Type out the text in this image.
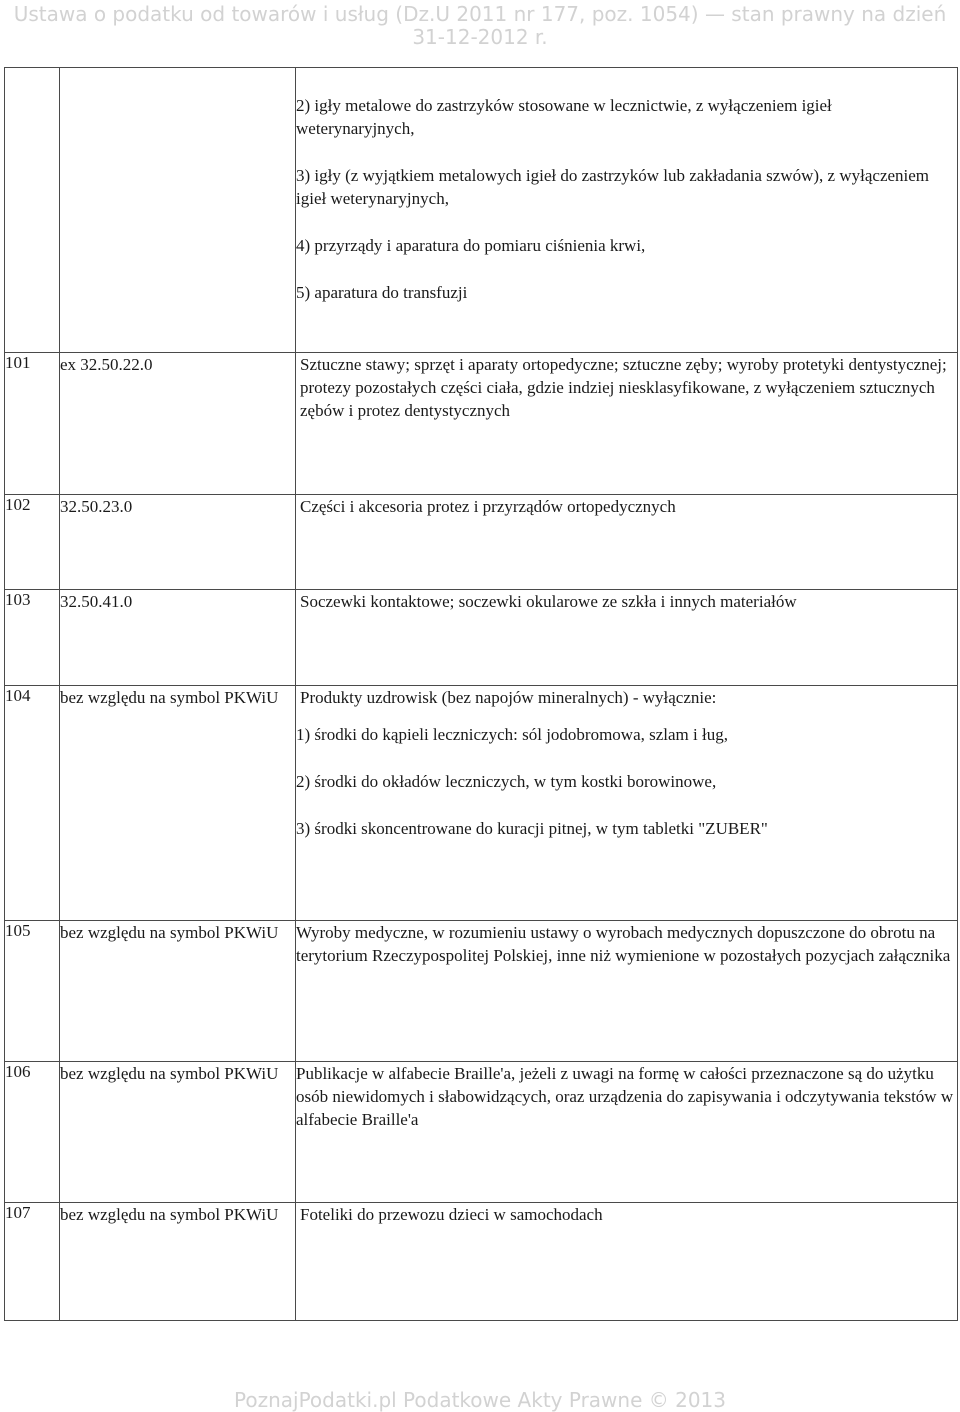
Ustawa o podatku od towarów i usług (Dz.U 2011 nr 177, poz. 1054) — stan prawny na dzień
31-12-2012 r.

		2) igły metalowe do zastrzyków stosowane w lecznictwie, z wyłączeniem igieł weterynaryjnych,

3) igły (z wyjątkiem metalowych igieł do zastrzyków lub zakładania szwów), z wyłączeniem igieł weterynaryjnych,

4) przyrządy i aparatura do pomiaru ciśnienia krwi,

5) aparatura do transfuzji

101	ex 32.50.22.0	Sztuczne stawy; sprzęt i aparaty ortopedyczne; sztuczne zęby; wyroby protetyki dentystycznej; protezy pozostałych części ciała, gdzie indziej niesklasyfikowane, z wyłączeniem sztucznych zębów i protez dentystycznych

102	32.50.23.0	Części i akcesoria protez i przyrządów ortopedycznych

103	32.50.41.0	Soczewki kontaktowe; soczewki okularowe ze szkła i innych materiałów

104	bez względu na symbol PKWiU	Produkty uzdrowisk (bez napojów mineralnych) - wyłącznie:

1) środki do kąpieli leczniczych: sól jodobromowa, szlam i ług,

2) środki do okładów leczniczych, w tym kostki borowinowe,

3) środki skoncentrowane do kuracji pitnej, w tym tabletki "ZUBER"

105	bez względu na symbol PKWiU	Wyroby medyczne, w rozumieniu ustawy o wyrobach medycznych dopuszczone do obrotu na terytorium Rzeczypospolitej Polskiej, inne niż wymienione w pozostałych pozycjach załącznika

106	bez względu na symbol PKWiU	Publikacje w alfabecie Braille'a, jeżeli z uwagi na formę w całości przeznaczone są do użytku osób niewidomych i słabowidzących, oraz urządzenia do zapisywania i odczytywania tekstów w alfabecie Braille'a

107	bez względu na symbol PKWiU	Foteliki do przewozu dzieci w samochodach

PoznajPodatki.pl Podatkowe Akty Prawne © 2013
